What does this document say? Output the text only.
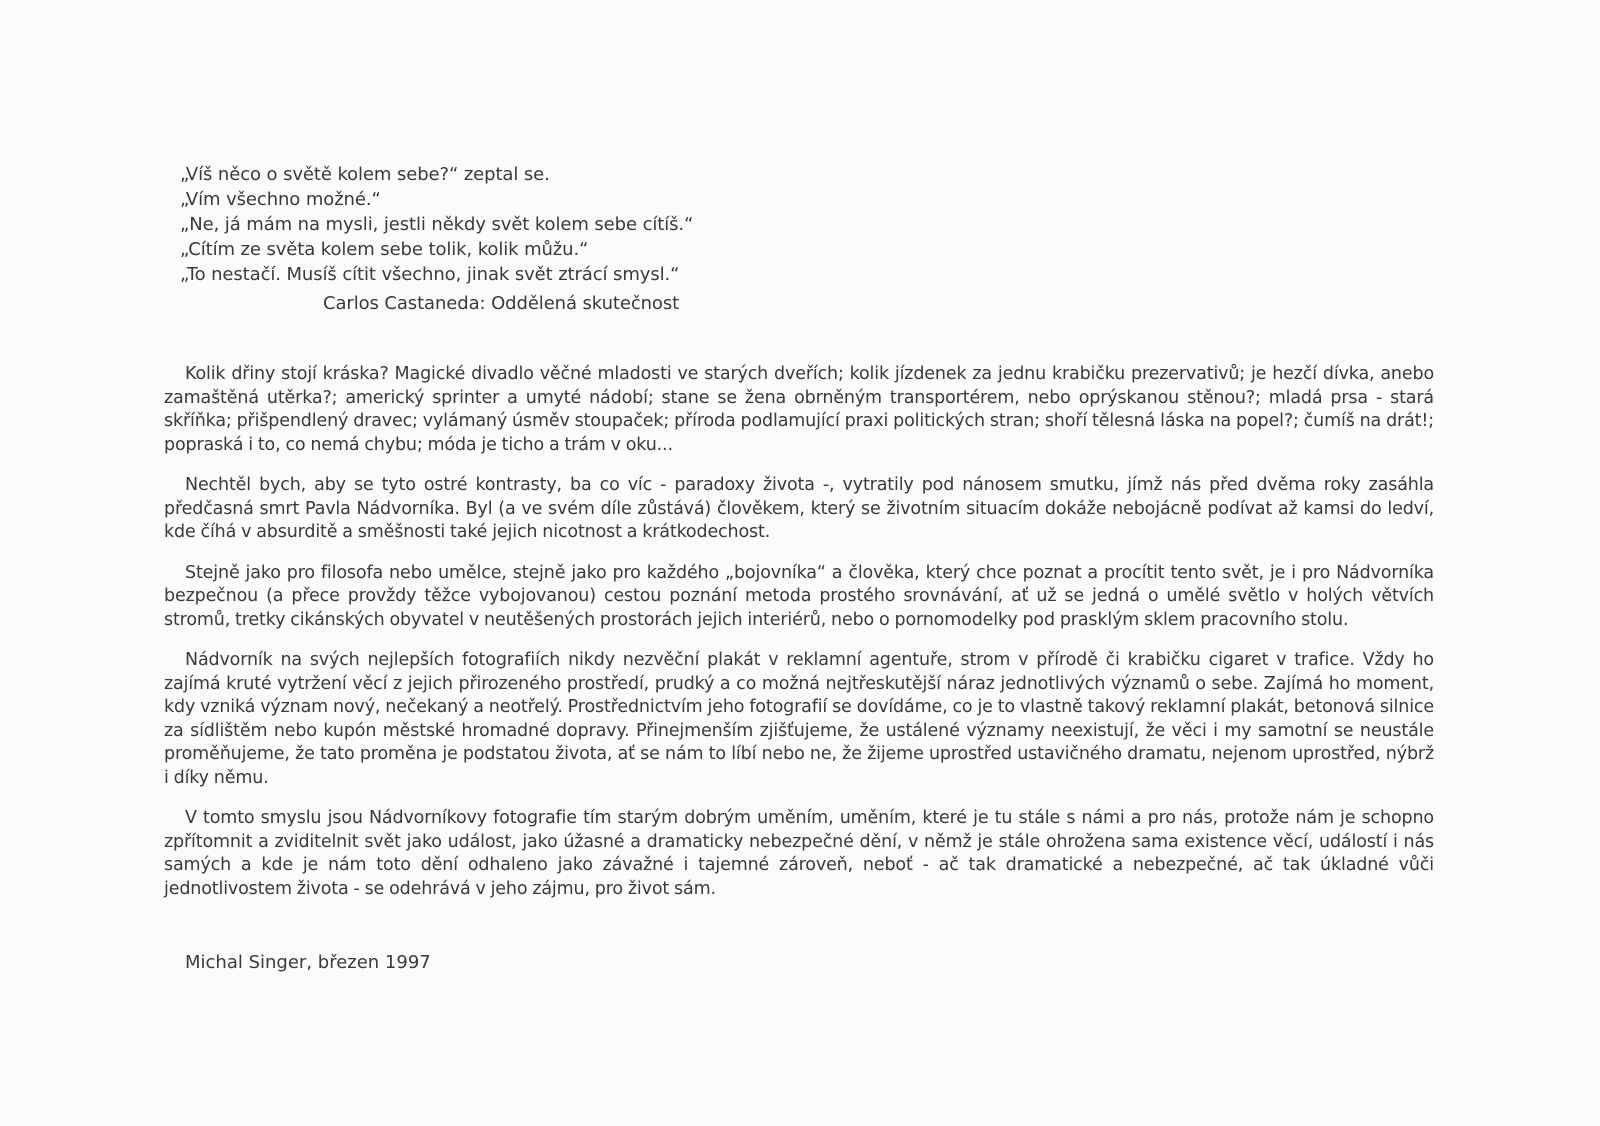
„Víš něco o světě kolem sebe?“ zeptal se.
„Vím všechno možné.“
„Ne, já mám na mysli, jestli někdy svět kolem sebe cítíš.“
„Cítím ze světa kolem sebe tolik, kolik můžu.“
„To nestačí. Musíš cítit všechno, jinak svět ztrácí smysl.“
Carlos Castaneda: Oddělená skutečnost

Kolik dřiny stojí kráska? Magické divadlo věčné mladosti ve starých dveřích; kolik jízdenek za jednu krabičku prezervativů; je hezčí dívka, anebo zamaštěná utěrka?; americký sprinter a umyté nádobí; stane se žena obrněným transportérem, nebo oprýskanou stěnou?; mladá prsa - stará skříňka; přišpendlený dravec; vylámaný úsměv stoupaček; příroda podlamující praxi politických stran; shoří tělesná láska na popel?; čumíš na drát!; popraská i to, co nemá chybu; móda je ticho a trám v oku...

Nechtěl bych, aby se tyto ostré kontrasty, ba co víc - paradoxy života -, vytratily pod nánosem smutku, jímž nás před dvěma roky zasáhla předčasná smrt Pavla Nádvorníka. Byl (a ve svém díle zůstává) člověkem, který se životním situacím dokáže nebojácně podívat až kamsi do ledví, kde číhá v absurditě a směšnosti také jejich nicotnost a krátkodechost.

Stejně jako pro filosofa nebo umělce, stejně jako pro každého „bojovníka“ a člověka, který chce poznat a procítit tento svět, je i pro Nádvorníka bezpečnou (a přece provždy těžce vybojovanou) cestou poznání metoda prostého srovnávání, ať už se jedná o umělé světlo v holých větvích stromů, tretky cikánských obyvatel v neutěšených prostorách jejich interiérů, nebo o pornomodelky pod prasklým sklem pracovního stolu.

Nádvorník na svých nejlepších fotografiích nikdy nezvěční plakát v reklamní agentuře, strom v přírodě či krabičku cigaret v trafice. Vždy ho zajímá kruté vytržení věcí z jejich přirozeného prostředí, prudký a co možná nejtřeskutější náraz jednotlivých významů o sebe. Zajímá ho moment, kdy vzniká význam nový, nečekaný a neotřelý. Prostřednictvím jeho fotografií se dovídáme, co je to vlastně takový reklamní plakát, betonová silnice za sídlištěm nebo kupón městské hromadné dopravy. Přinejmenším zjišťujeme, že ustálené významy neexistují, že věci i my samotní se neustále proměňujeme, že tato proměna je podstatou života, ať se nám to líbí nebo ne, že žijeme uprostřed ustavičného dramatu, nejenom uprostřed, nýbrž i díky němu.

V tomto smyslu jsou Nádvorníkovy fotografie tím starým dobrým uměním, uměním, které je tu stále s námi a pro nás, protože nám je schopno zpřítomnit a zviditelnit svět jako událost, jako úžasné a dramaticky nebezpečné dění, v němž je stále ohrožena sama existence věcí, událostí i nás samých a kde je nám toto dění odhaleno jako závažné i tajemné zároveň, neboť - ač tak dramatické a nebezpečné, ač tak úkladné vůči jednotlivostem života - se odehrává v jeho zájmu, pro život sám.

Michal Singer, březen 1997
